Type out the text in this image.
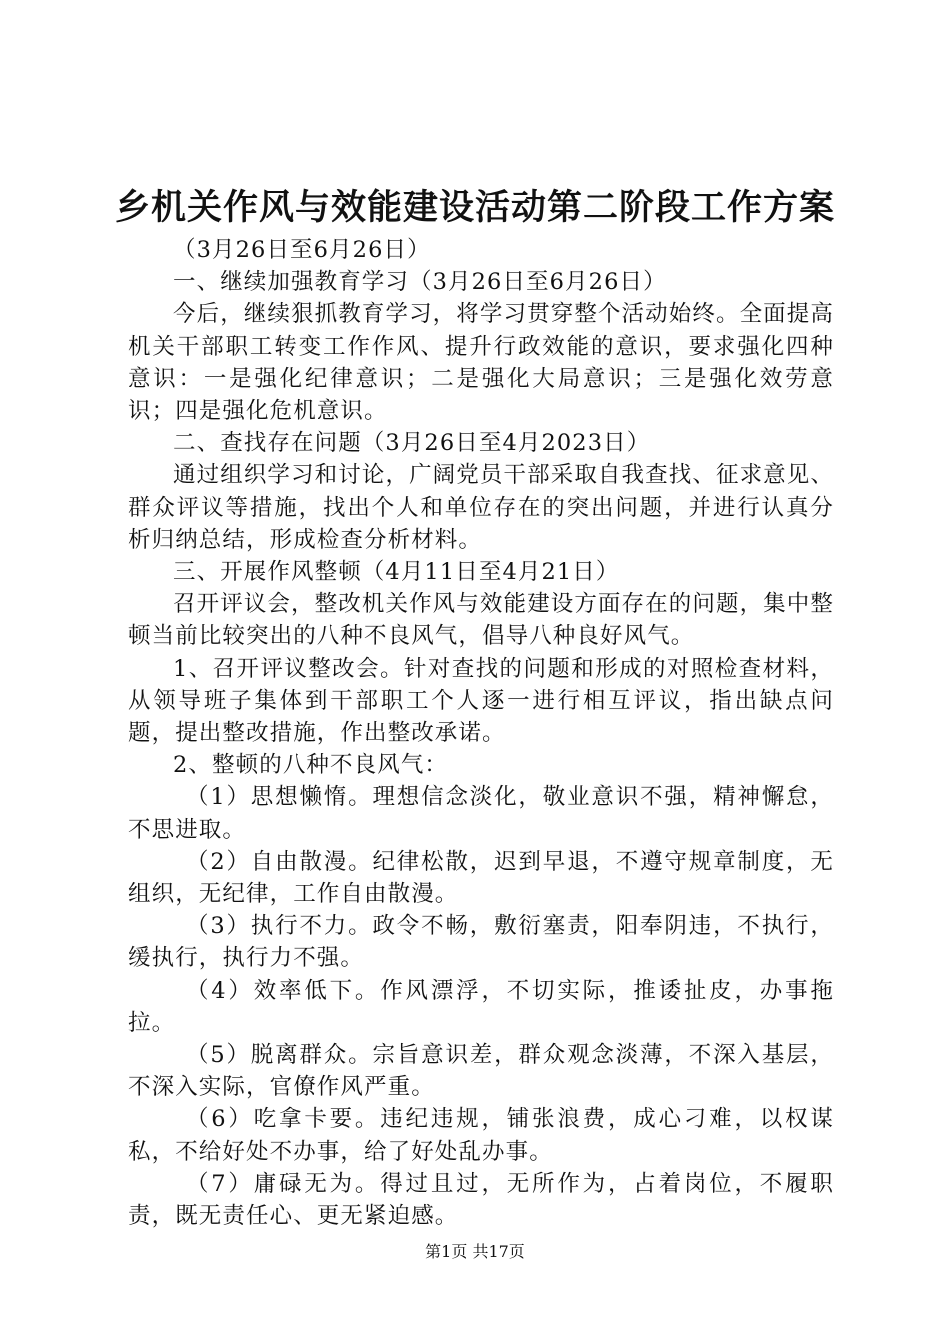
乡机关作风与效能建设活动第二阶段工作方案

（3月26日至6月26日）

一、继续加强教育学习（3月26日至6月26日）

今后，继续狠抓教育学习，将学习贯穿整个活动始终。全面提高机关干部职工转变工作作风、提升行政效能的意识，要求强化四种意识：一是强化纪律意识；二是强化大局意识；三是强化效劳意识；四是强化危机意识。

二、查找存在问题（3月26日至4月2023日）

通过组织学习和讨论，广阔党员干部采取自我查找、征求意见、群众评议等措施，找出个人和单位存在的突出问题，并进行认真分析归纳总结，形成检查分析材料。

三、开展作风整顿（4月11日至4月21日）

召开评议会，整改机关作风与效能建设方面存在的问题，集中整顿当前比较突出的八种不良风气，倡导八种良好风气。

1、召开评议整改会。针对查找的问题和形成的对照检查材料，从领导班子集体到干部职工个人逐一进行相互评议，指出缺点问题，提出整改措施，作出整改承诺。

2、整顿的八种不良风气：

（1）思想懒惰。理想信念淡化，敬业意识不强，精神懈怠，不思进取。

（2）自由散漫。纪律松散，迟到早退，不遵守规章制度，无组织，无纪律，工作自由散漫。

（3）执行不力。政令不畅，敷衍塞责，阳奉阴违，不执行，缓执行，执行力不强。

（4）效率低下。作风漂浮，不切实际，推诿扯皮，办事拖拉。

（5）脱离群众。宗旨意识差，群众观念淡薄，不深入基层，不深入实际，官僚作风严重。

（6）吃拿卡要。违纪违规，铺张浪费，成心刁难，以权谋私，不给好处不办事，给了好处乱办事。

（7）庸碌无为。得过且过，无所作为，占着岗位，不履职责，既无责任心、更无紧迫感。

第1页 共17页
